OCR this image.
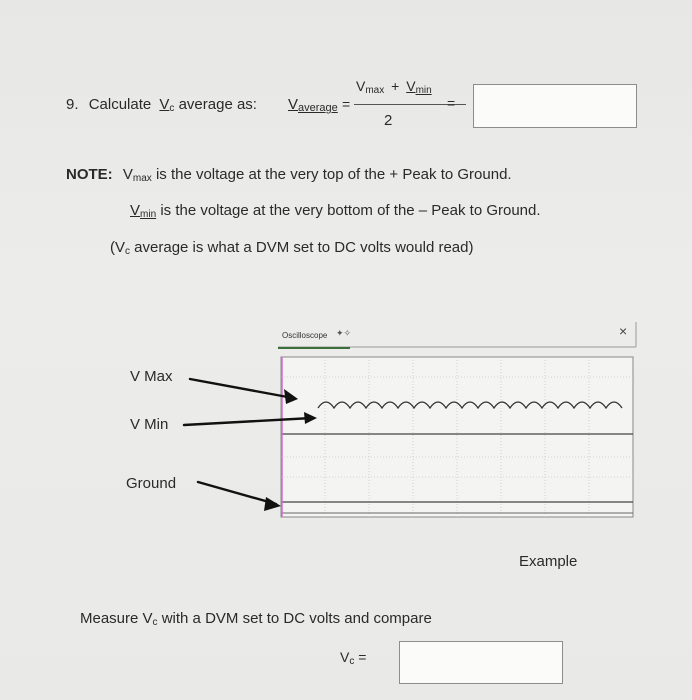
9. Calculate $V_c$ average as: $V_{average}$ =
$V_{max} + V_{min}$
2
=
NOTE: $V_{max}$ is the voltage at the very top of the + Peak to Ground.
$V_{min}$ is the voltage at the very bottom of the – Peak to Ground.
($V_c$ average is what a DVM set to DC volts would read)
Oscilloscope ✦✧	×
V Max
V Min
Ground
Example
Measure $V_c$ with a DVM set to DC volts and compare
$V_c$ =
